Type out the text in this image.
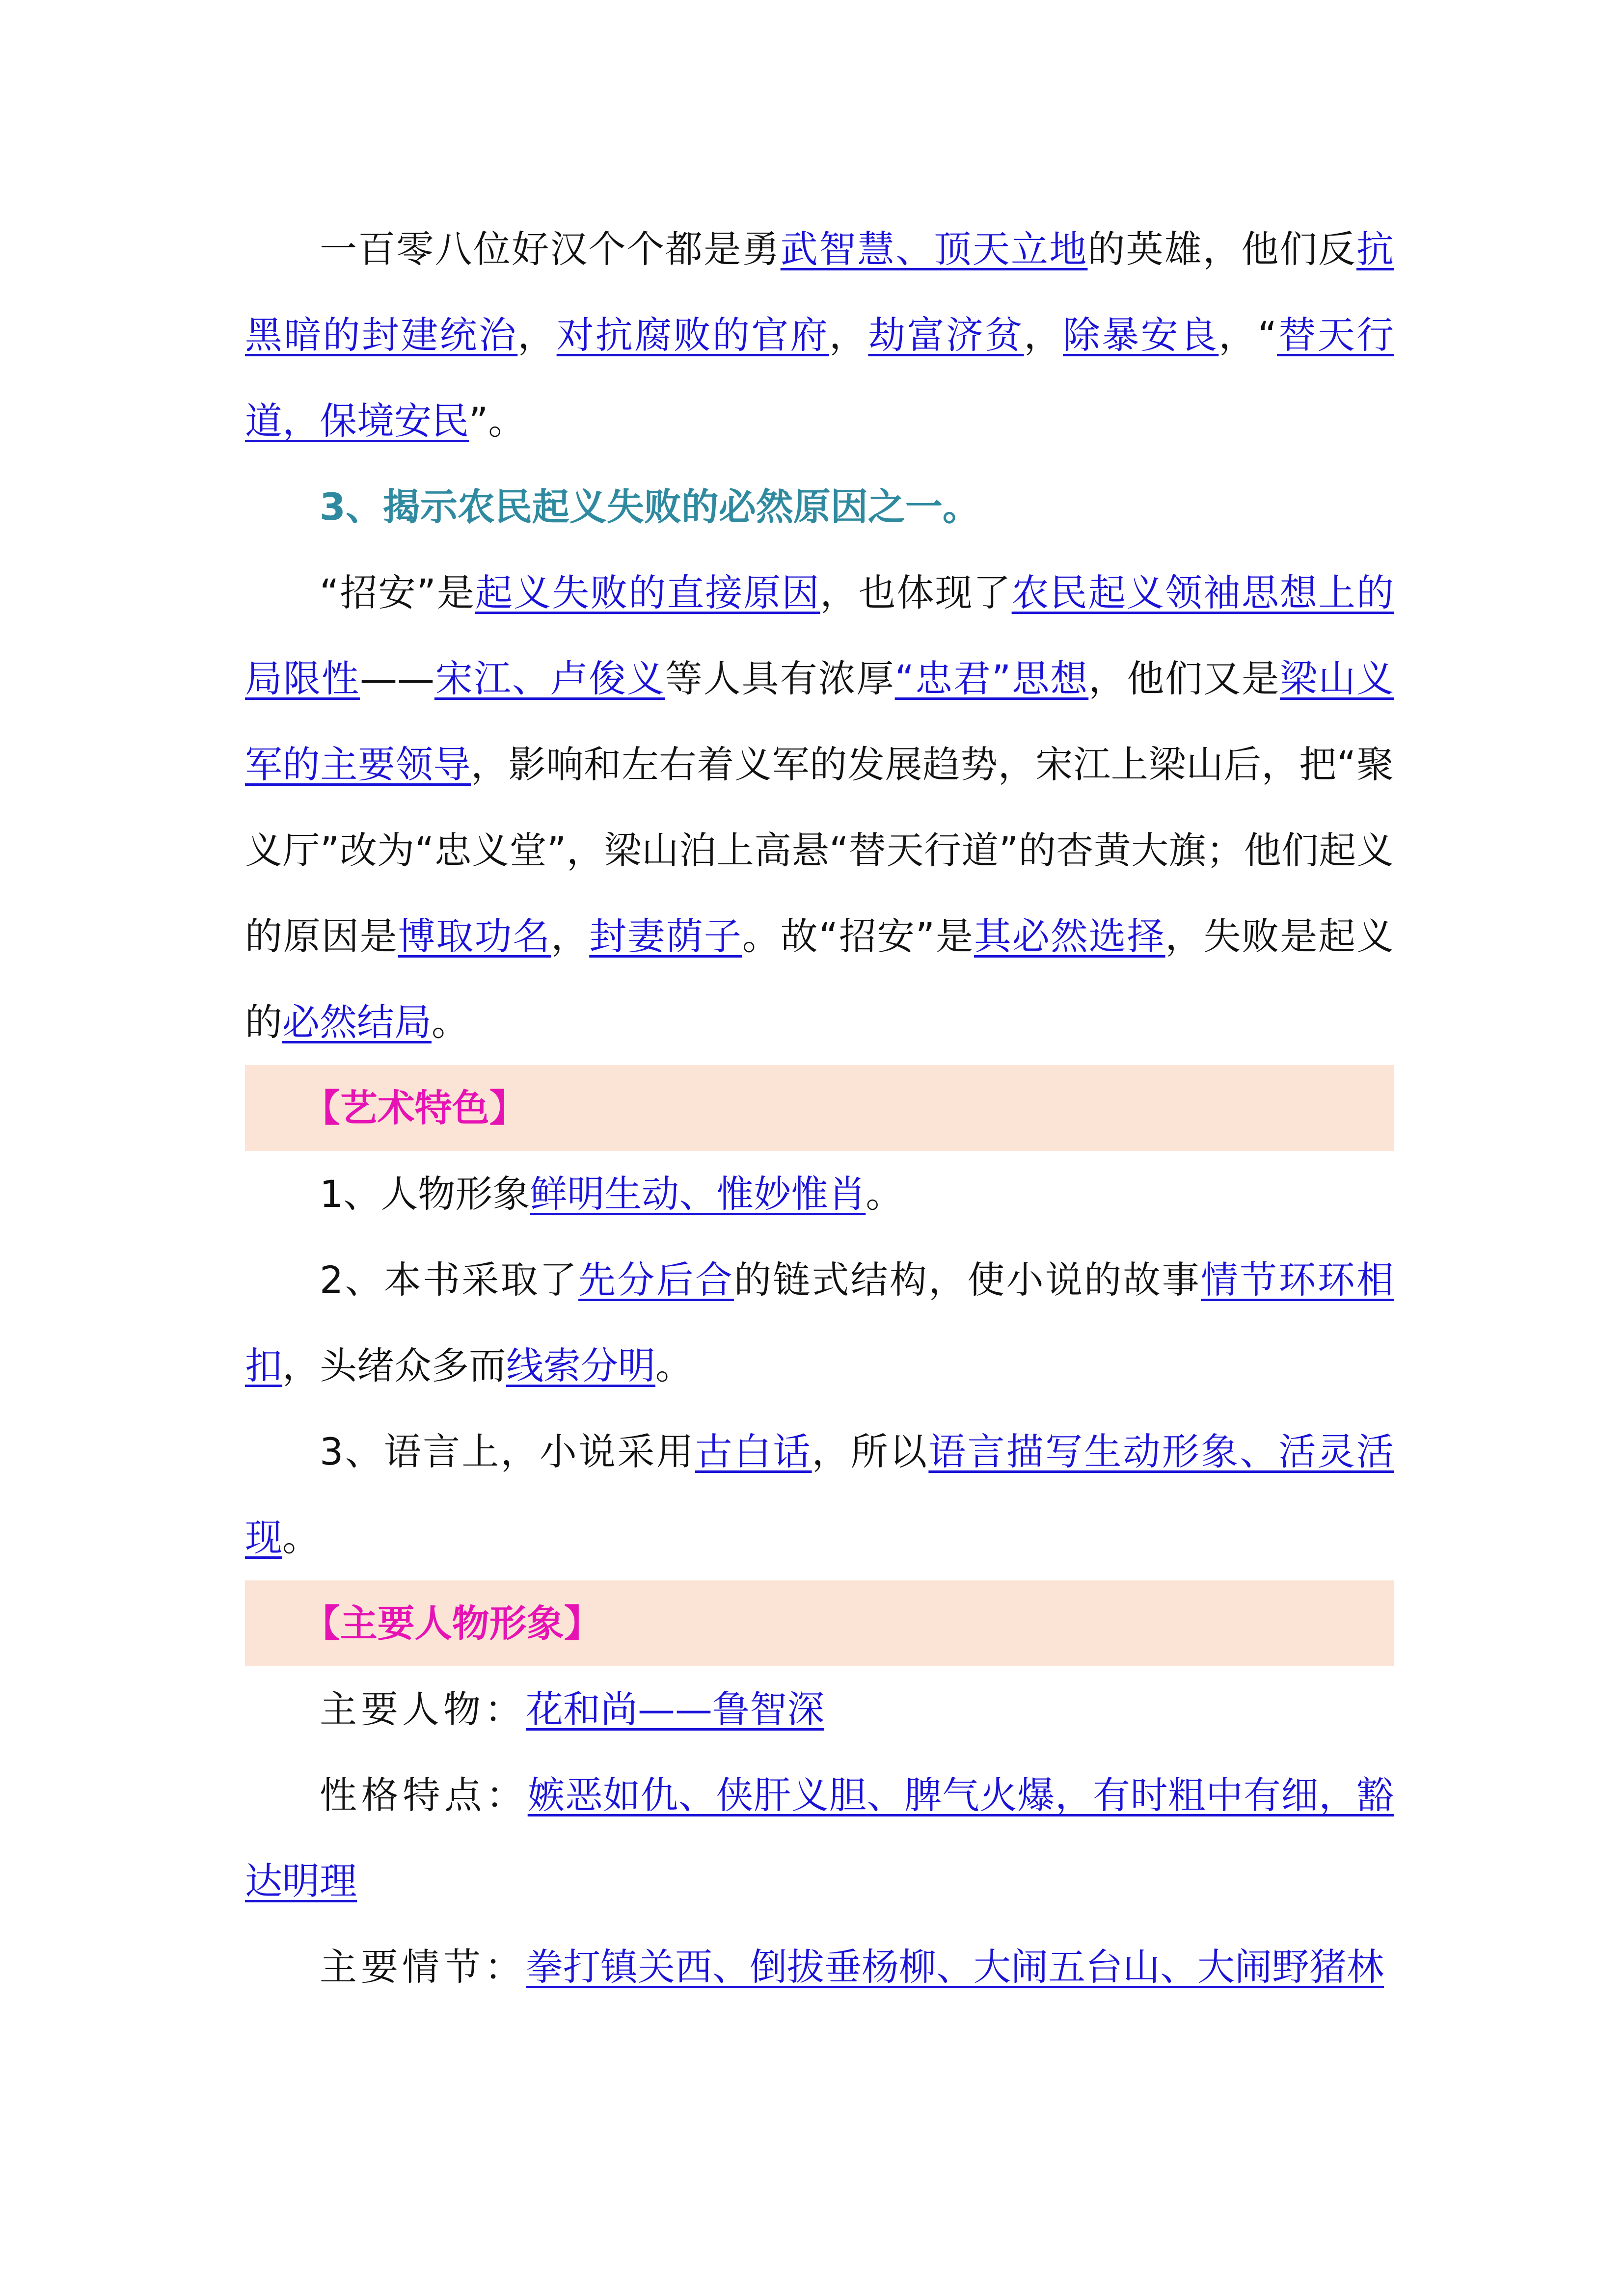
一百零八位好汉个个都是勇武智慧、顶天立地的英雄，他们反抗黑暗的封建统治，对抗腐败的官府，劫富济贫，除暴安良，“替天行道，保境安民”。

3、揭示农民起义失败的必然原因之一。

“招安”是起义失败的直接原因，也体现了农民起义领袖思想上的局限性——宋江、卢俊义等人具有浓厚“忠君”思想，他们又是梁山义军的主要领导，影响和左右着义军的发展趋势，宋江上梁山后，把“聚义厅”改为“忠义堂”，梁山泊上高悬“替天行道”的杏黄大旗；他们起义的原因是博取功名，封妻荫子。故“招安”是其必然选择，失败是起义的必然结局。

【艺术特色】

1、人物形象鲜明生动、惟妙惟肖。

2、本书采取了先分后合的链式结构，使小说的故事情节环环相扣，头绪众多而线索分明。

3、语言上，小说采用古白话，所以语言描写生动形象、活灵活现。

【主要人物形象】

主要人物：花和尚——鲁智深

性格特点：嫉恶如仇、侠肝义胆、脾气火爆，有时粗中有细，豁达明理

主要情节：拳打镇关西、倒拔垂杨柳、大闹五台山、大闹野猪林
